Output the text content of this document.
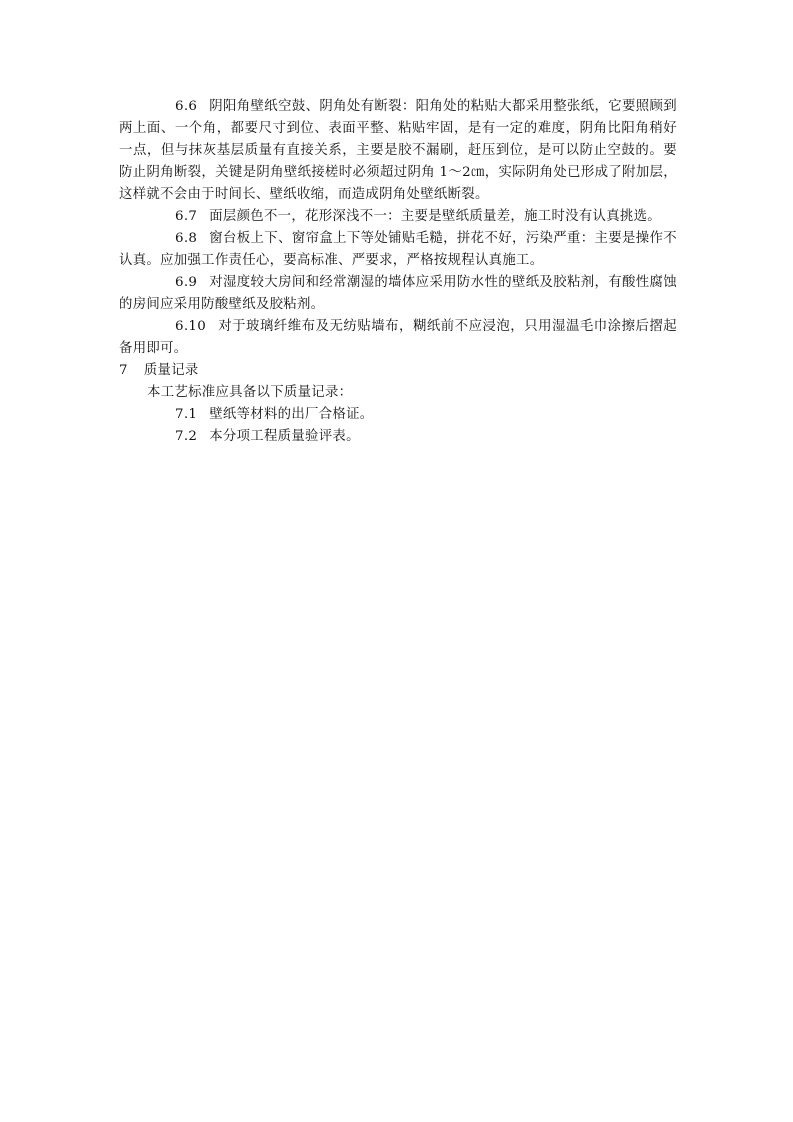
6.6 阴阳角壁纸空鼓、阴角处有断裂：阳角处的粘贴大都采用整张纸，它要照顾到两上面、一个角，都要尺寸到位、表面平整、粘贴牢固，是有一定的难度，阴角比阳角稍好一点，但与抹灰基层质量有直接关系，主要是胶不漏刷，赶压到位，是可以防止空鼓的。要防止阴角断裂，关键是阴角壁纸接槎时必须超过阴角 1～2㎝，实际阴角处已形成了附加层，这样就不会由于时间长、壁纸收缩，而造成阴角处壁纸断裂。

6.7 面层颜色不一，花形深浅不一：主要是壁纸质量差，施工时没有认真挑选。

6.8 窗台板上下、窗帘盒上下等处铺贴毛糙，拼花不好，污染严重：主要是操作不认真。应加强工作责任心，要高标准、严要求，严格按规程认真施工。

6.9 对湿度较大房间和经常潮湿的墙体应采用防水性的壁纸及胶粘剂，有酸性腐蚀的房间应采用防酸壁纸及胶粘剂。

6.10 对于玻璃纤维布及无纺贴墙布，糊纸前不应浸泡，只用湿温毛巾涂擦后摺起备用即可。

7 质量记录

本工艺标准应具备以下质量记录：

7.1 壁纸等材料的出厂合格证。

7.2 本分项工程质量验评表。
